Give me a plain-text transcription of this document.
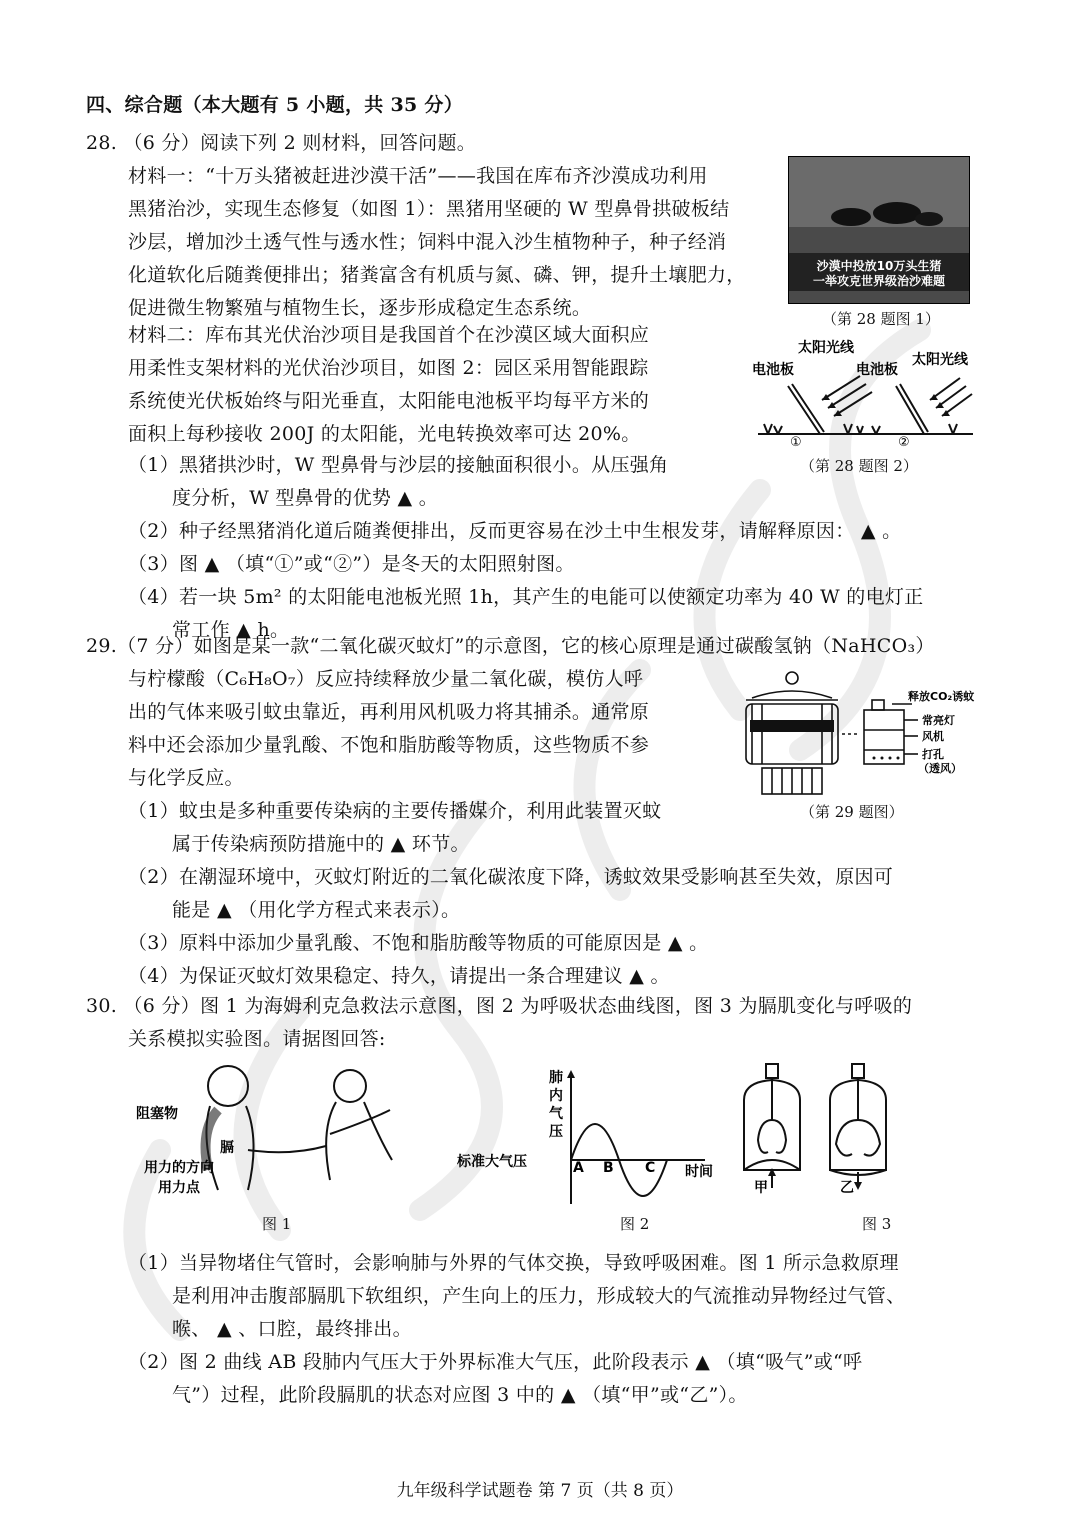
四、综合题（本大题有 5 小题，共 35 分）
28. （6 分）阅读下列 2 则材料，回答问题。
材料一：“十万头猪被赶进沙漠干活”——我国在库布齐沙漠成功利用
黑猪治沙，实现生态修复（如图 1）：黑猪用坚硬的 W 型鼻骨拱破板结
沙层，增加沙土透气性与透水性；饲料中混入沙生植物种子，种子经消
化道软化后随粪便排出；猪粪富含有机质与氮、磷、钾，提升土壤肥力，
促进微生物繁殖与植物生长，逐步形成稳定生态系统。
材料二：库布其光伏治沙项目是我国首个在沙漠区域大面积应
用柔性支架材料的光伏治沙项目，如图 2：园区采用智能跟踪
系统使光伏板始终与阳光垂直，太阳能电池板平均每平方米的
面积上每秒接收 200J 的太阳能，光电转换效率可达 20%。
（1）黑猪拱沙时，W 型鼻骨与沙层的接触面积很小。从压强角
度分析，W 型鼻骨的优势 ▲ 。
（2）种子经黑猪消化道后随粪便排出，反而更容易在沙土中生根发芽，请解释原因： ▲ 。
（3）图 ▲ （填“①”或“②”）是冬天的太阳照射图。
（4）若一块 5m² 的太阳能电池板光照 1h，其产生的电能可以使额定功率为 40 W 的电灯正
常工作 ▲ h。
沙漠中投放10万头生猪
一举攻克世界级治沙难题
（第 28 题图 1）
太阳光线
电池板
太阳光线
电池板
①	②
（第 28 题图 2）
29.（7 分）如图是某一款“二氧化碳灭蚊灯”的示意图，它的核心原理是通过碳酸氢钠（NaHCO₃）
与柠檬酸（C₆H₈O₇）反应持续释放少量二氧化碳，模仿人呼
出的气体来吸引蚊虫靠近，再利用风机吸力将其捕杀。通常原
料中还会添加少量乳酸、不饱和脂肪酸等物质，这些物质不参
与化学反应。
（1）蚊虫是多种重要传染病的主要传播媒介，利用此装置灭蚊
属于传染病预防措施中的 ▲ 环节。
（2）在潮湿环境中，灭蚊灯附近的二氧化碳浓度下降，诱蚊效果受影响甚至失效，原因可
能是 ▲ （用化学方程式来表示）。
（3）原料中添加少量乳酸、不饱和脂肪酸等物质的可能原因是 ▲ 。
（4）为保证灭蚊灯效果稳定、持久，请提出一条合理建议 ▲ 。
释放CO₂诱蚊
常亮灯
风机
打孔
（透风）
（第 29 题图）
30. （6 分）图 1 为海姆利克急救法示意图，图 2 为呼吸状态曲线图，图 3 为膈肌变化与呼吸的
关系模拟实验图。请据图回答:
阻塞物
膈
用力的方向
用力点
图 1
肺
内
气
压
标准大气压	A B C 时间
图 2
甲	乙
图 3
（1）当异物堵住气管时，会影响肺与外界的气体交换，导致呼吸困难。图 1 所示急救原理
是利用冲击腹部膈肌下软组织，产生向上的压力，形成较大的气流推动异物经过气管、
喉、 ▲ 、口腔，最终排出。
（2）图 2 曲线 AB 段肺内气压大于外界标准大气压，此阶段表示 ▲ （填“吸气”或“呼
气”）过程，此阶段膈肌的状态对应图 3 中的 ▲ （填“甲”或“乙”）。
九年级科学试题卷 第 7 页（共 8 页）
